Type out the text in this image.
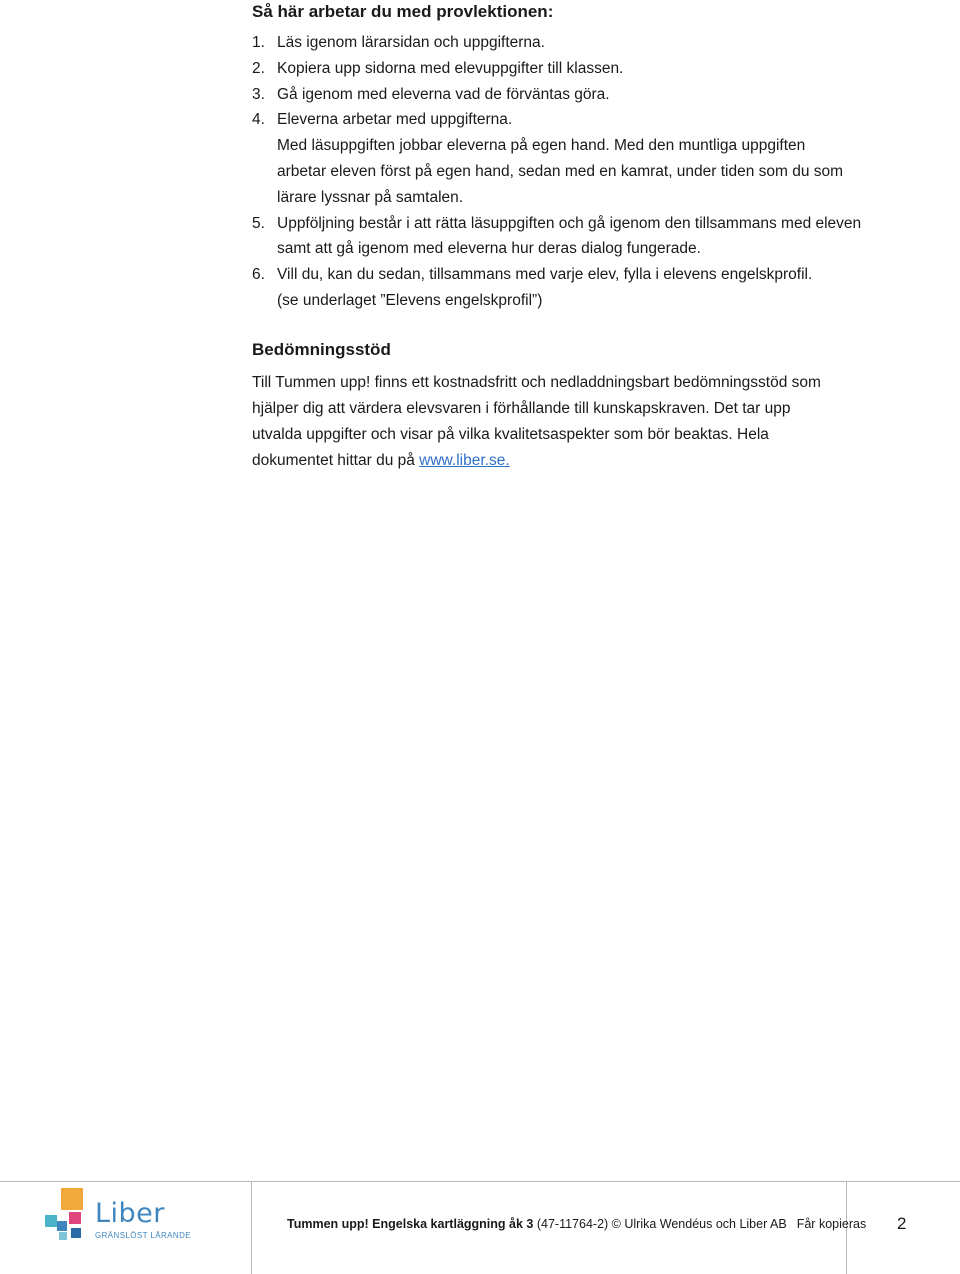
Så här arbetar du med provlektionen:
1. Läs igenom lärarsidan och uppgifterna.
2. Kopiera upp sidorna med elevuppgifter till klassen.
3. Gå igenom med eleverna vad de förväntas göra.
4. Eleverna arbetar med uppgifterna.
Med läsuppgiften jobbar eleverna på egen hand. Med den muntliga uppgiften arbetar eleven först på egen hand, sedan med en kamrat, under tiden som du som lärare lyssnar på samtalen.
5. Uppföljning består i att rätta läsuppgiften och gå igenom den tillsammans med eleven samt att gå igenom med eleverna hur deras dialog fungerade.
6. Vill du, kan du sedan, tillsammans med varje elev, fylla i elevens engelskprofil.
(se underlaget ”Elevens engelskprofil”)
Bedömningsstöd

Till Tummen upp! finns ett kostnadsfritt och nedladdningsbart bedömningsstöd som hjälper dig att värdera elevsvaren i förhållande till kunskapskraven. Det tar upp utvalda uppgifter och visar på vilka kvalitetsaspekter som bör beaktas. Hela dokumentet hittar du på www.liber.se.

Liber
GRÄNSLÖST LÄRANDE
Tummen upp! Engelska kartläggning åk 3 (47-11764-2) © Ulrika Wendéus och Liber AB Får kopieras 2
